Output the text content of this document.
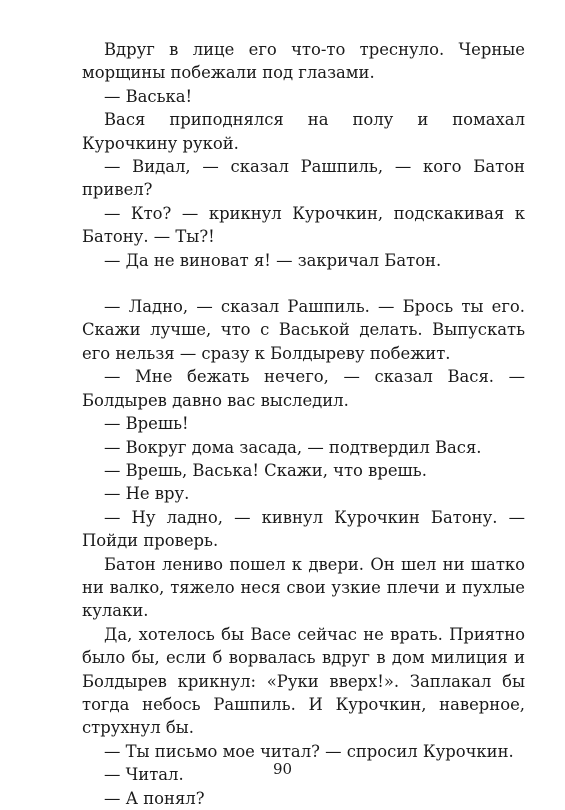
Вдруг в лице его что-то треснуло. Черные морщины побежали под глазами.

— Васька!

Вася приподнялся на полу и помахал Курочкину рукой.

— Видал, — сказал Рашпиль, — кого Батон привел?

— Кто? — крикнул Курочкин, подскакивая к Батону. — Ты?!

— Да не виноват я! — закричал Батон.

— Ладно, — сказал Рашпиль. — Брось ты его. Скажи лучше, что с Васькой делать. Выпускать его нельзя — сразу к Болдыреву побежит.

— Мне бежать нечего, — сказал Вася. — Болдырев давно вас выследил.

— Врешь!

— Вокруг дома засада, — подтвердил Вася.

— Врешь, Васька! Скажи, что врешь.

— Не вру.

— Ну ладно, — кивнул Курочкин Батону. — Пойди проверь.

Батон лениво пошел к двери. Он шел ни шатко ни валко, тяжело неся свои узкие плечи и пухлые кулаки.

Да, хотелось бы Васе сейчас не врать. Приятно было бы, если б ворвалась вдруг в дом милиция и Болдырев крикнул: «Руки вверх!». Заплакал бы тогда небось Рашпиль. И Курочкин, наверное, струхнул бы.

— Ты письмо мое читал? — спросил Курочкин.

— Читал.

— А понял?

90
